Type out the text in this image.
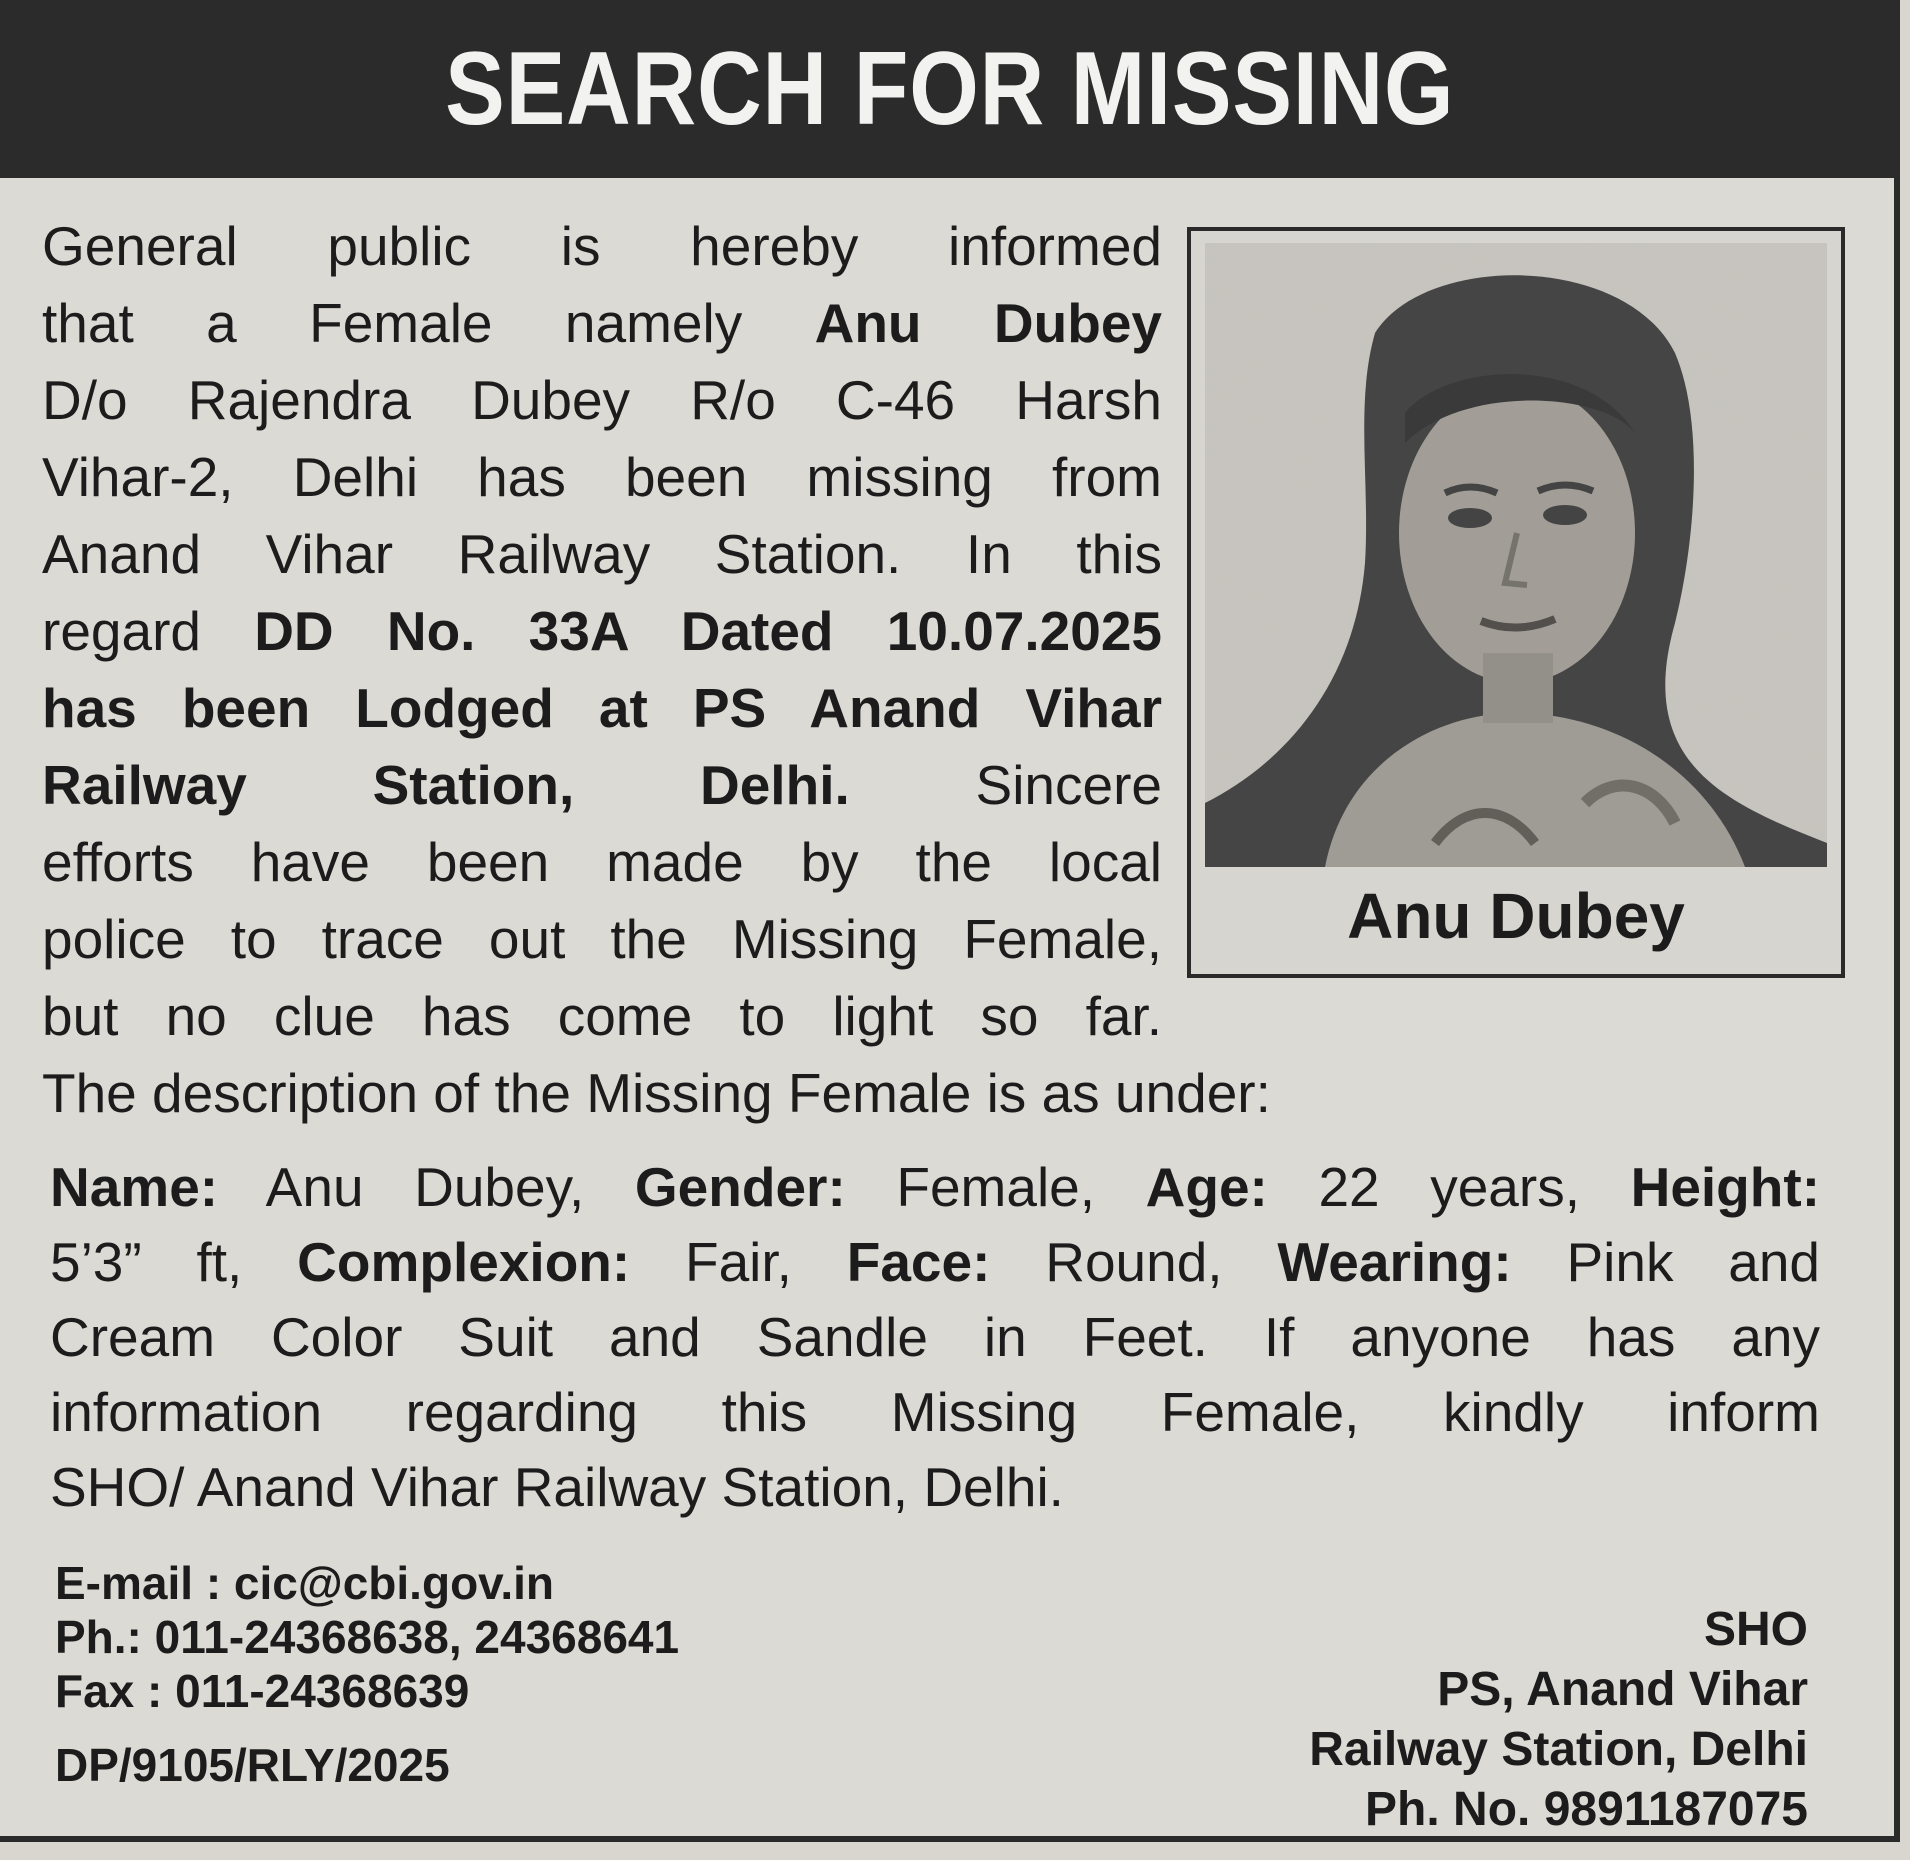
SEARCH FOR MISSING
General public is hereby informed
that a Female namely Anu Dubey
D/o Rajendra Dubey R/o C-46 Harsh
Vihar-2, Delhi has been missing from
Anand Vihar Railway Station. In this
regard DD No. 33A Dated 10.07.2025
has been Lodged at PS Anand Vihar
Railway Station, Delhi. Sincere
efforts have been made by the local
police to trace out the Missing Female,
but no clue has come to light so far.
The description of the Missing Female is as under:
Anu Dubey
Name: Anu Dubey, Gender: Female, Age: 22 years, Height:
5’3” ft, Complexion: Fair, Face: Round, Wearing: Pink and
Cream Color Suit and Sandle in Feet. If anyone has any
information regarding this Missing Female, kindly inform
SHO/ Anand Vihar Railway Station, Delhi.
E-mail : cic@cbi.gov.in
Ph.: 011-24368638, 24368641
Fax : 011-24368639
DP/9105/RLY/2025
SHO
PS, Anand Vihar
Railway Station, Delhi
Ph. No. 9891187075
